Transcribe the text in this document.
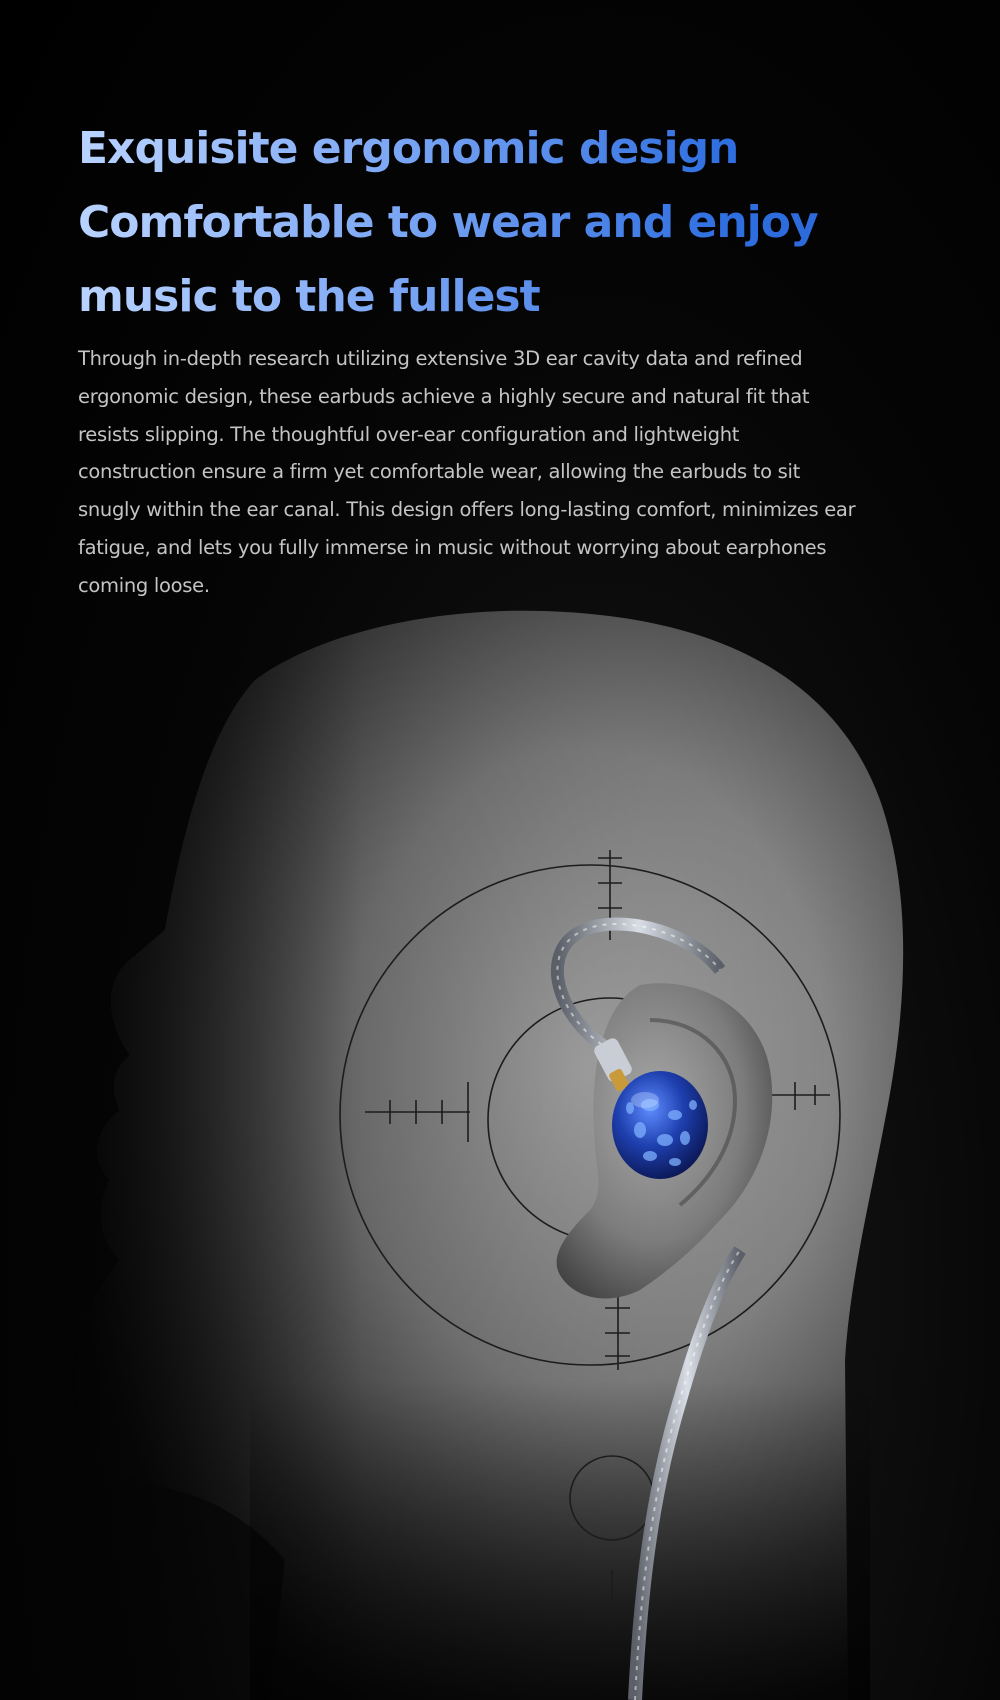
Exquisite ergonomic design
Comfortable to wear and enjoy
music to the fullest

Through in-depth research utilizing extensive 3D ear cavity data and refined ergonomic design, these earbuds achieve a highly secure and natural fit that resists slipping. The thoughtful over-ear configuration and lightweight construction ensure a firm yet comfortable wear, allowing the earbuds to sit snugly within the ear canal. This design offers long-lasting comfort, minimizes ear fatigue, and lets you fully immerse in music without worrying about earphones coming loose.
